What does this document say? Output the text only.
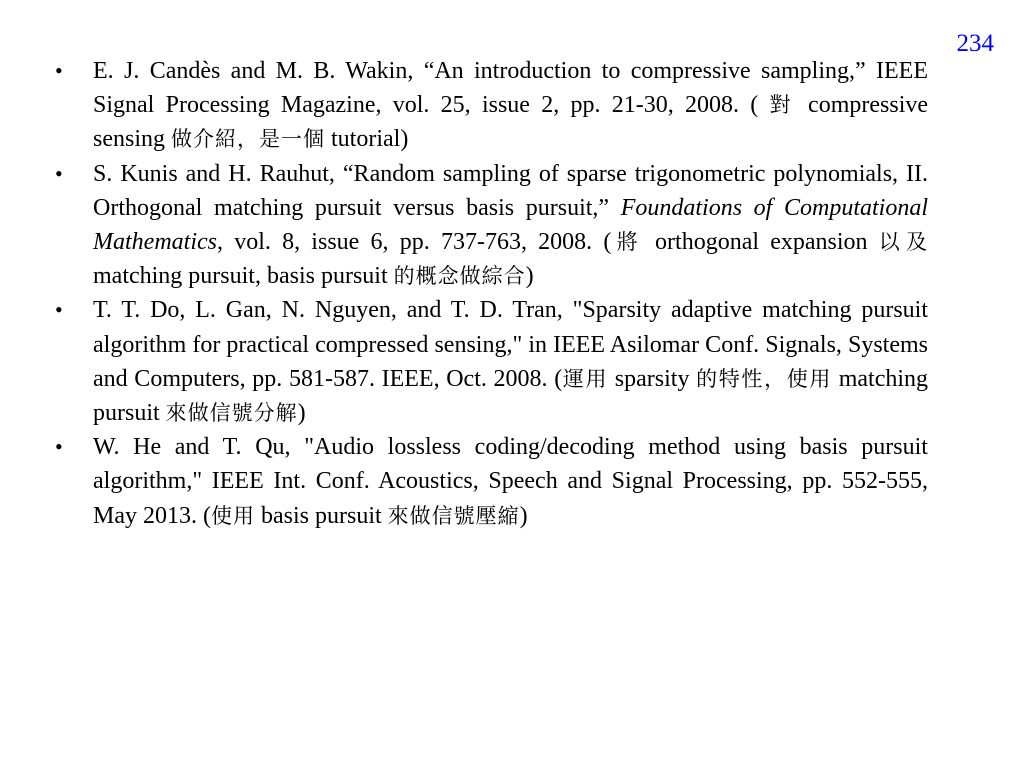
234
• E. J. Candès and M. B. Wakin, “An introduction to compressive sampling,” IEEE Signal Processing Magazine, vol. 25, issue 2, pp. 21-30, 2008. ( 對 compressive sensing 做介紹，是一個 tutorial)
• S. Kunis and H. Rauhut, “Random sampling of sparse trigonometric polynomials, II. Orthogonal matching pursuit versus basis pursuit,” Foundations of Computational Mathematics, vol. 8, issue 6, pp. 737-763, 2008. (將 orthogonal expansion 以及 matching pursuit, basis pursuit 的概念做綜合)
• T. T. Do, L. Gan, N. Nguyen, and T. D. Tran, "Sparsity adaptive matching pursuit algorithm for practical compressed sensing," in IEEE Asilomar Conf. Signals, Systems and Computers, pp. 581-587. IEEE, Oct. 2008. (運用 sparsity 的特性，使用 matching pursuit 來做信號分解)
• W. He and T. Qu, "Audio lossless coding/decoding method using basis pursuit algorithm," IEEE Int. Conf. Acoustics, Speech and Signal Processing, pp. 552-555, May 2013. (使用 basis pursuit 來做信號壓縮)
